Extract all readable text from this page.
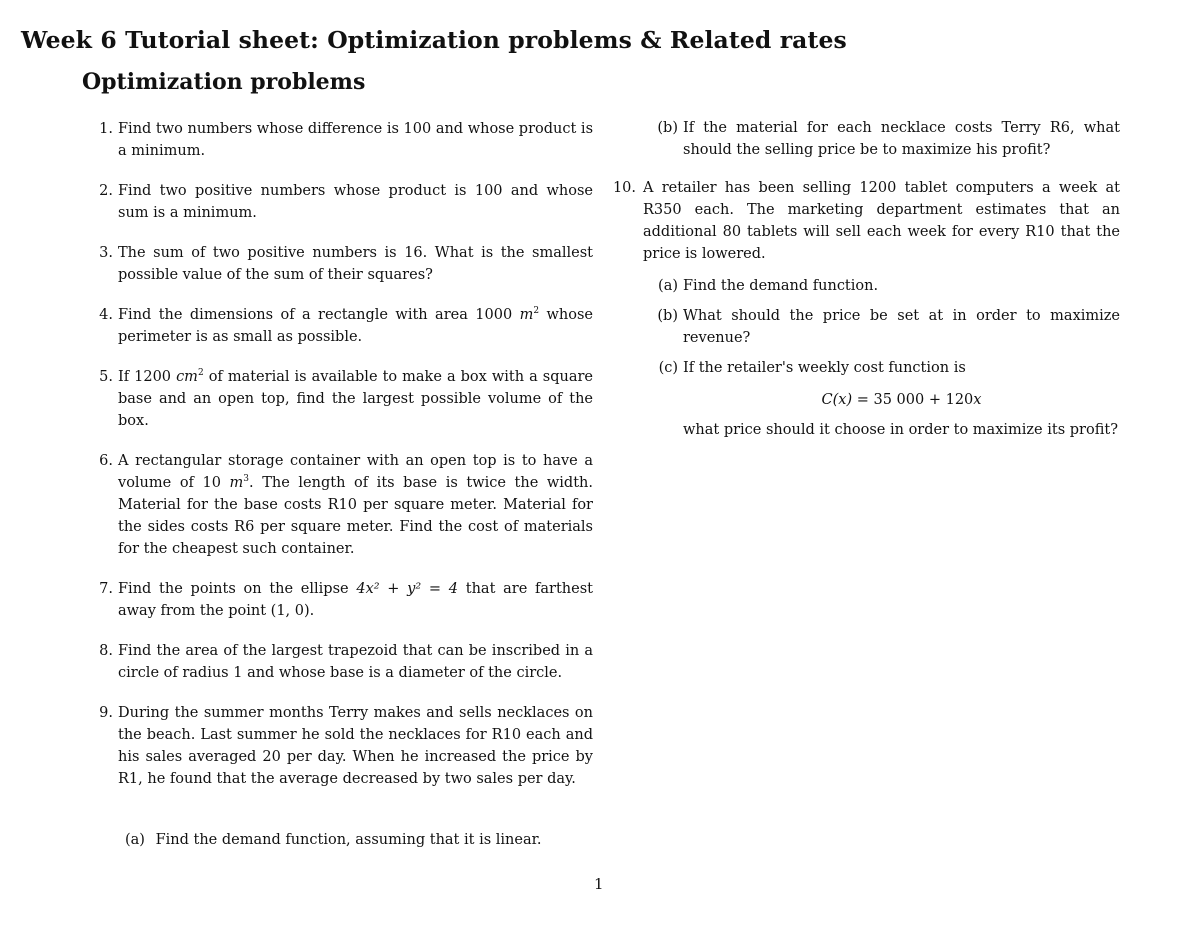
Week 6 Tutorial sheet: Optimization problems & Related rates
Optimization problems
1. Find two numbers whose difference is 100 and whose product is a minimum.
2. Find two positive numbers whose product is 100 and whose sum is a minimum.
3. The sum of two positive numbers is 16. What is the smallest possible value of the sum of their squares?
4. Find the dimensions of a rectangle with area 1000 $m^2$ whose perimeter is as small as possible.
5. If 1200 $cm^2$ of material is available to make a box with a square base and an open top, find the largest possible volume of the box.
6. A rectangular storage container with an open top is to have a volume of 10 $m^3$. The length of its base is twice the width. Material for the base costs R10 per square meter. Material for the sides costs R6 per square meter. Find the cost of materials for the cheapest such container.
7. Find the points on the ellipse 4x² + y² = 4 that are farthest away from the point (1, 0).
8. Find the area of the largest trapezoid that can be inscribed in a circle of radius 1 and whose base is a diameter of the circle.
9. During the summer months Terry makes and sells necklaces on the beach. Last summer he sold the necklaces for R10 each and his sales averaged 20 per day. When he increased the price by R1, he found that the average decreased by two sales per day.
(a) Find the demand function, assuming that it is linear.
(b) If the material for each necklace costs Terry R6, what should the selling price be to maximize his profit?
10. A retailer has been selling 1200 tablet computers a week at R350 each. The marketing department estimates that an additional 80 tablets will sell each week for every R10 that the price is lowered.
(a) Find the demand function.
(b) What should the price be set at in order to maximize revenue?
(c) If the retailer's weekly cost function is
C(x) = 35 000 + 120x
what price should it choose in order to maximize its profit?
1
